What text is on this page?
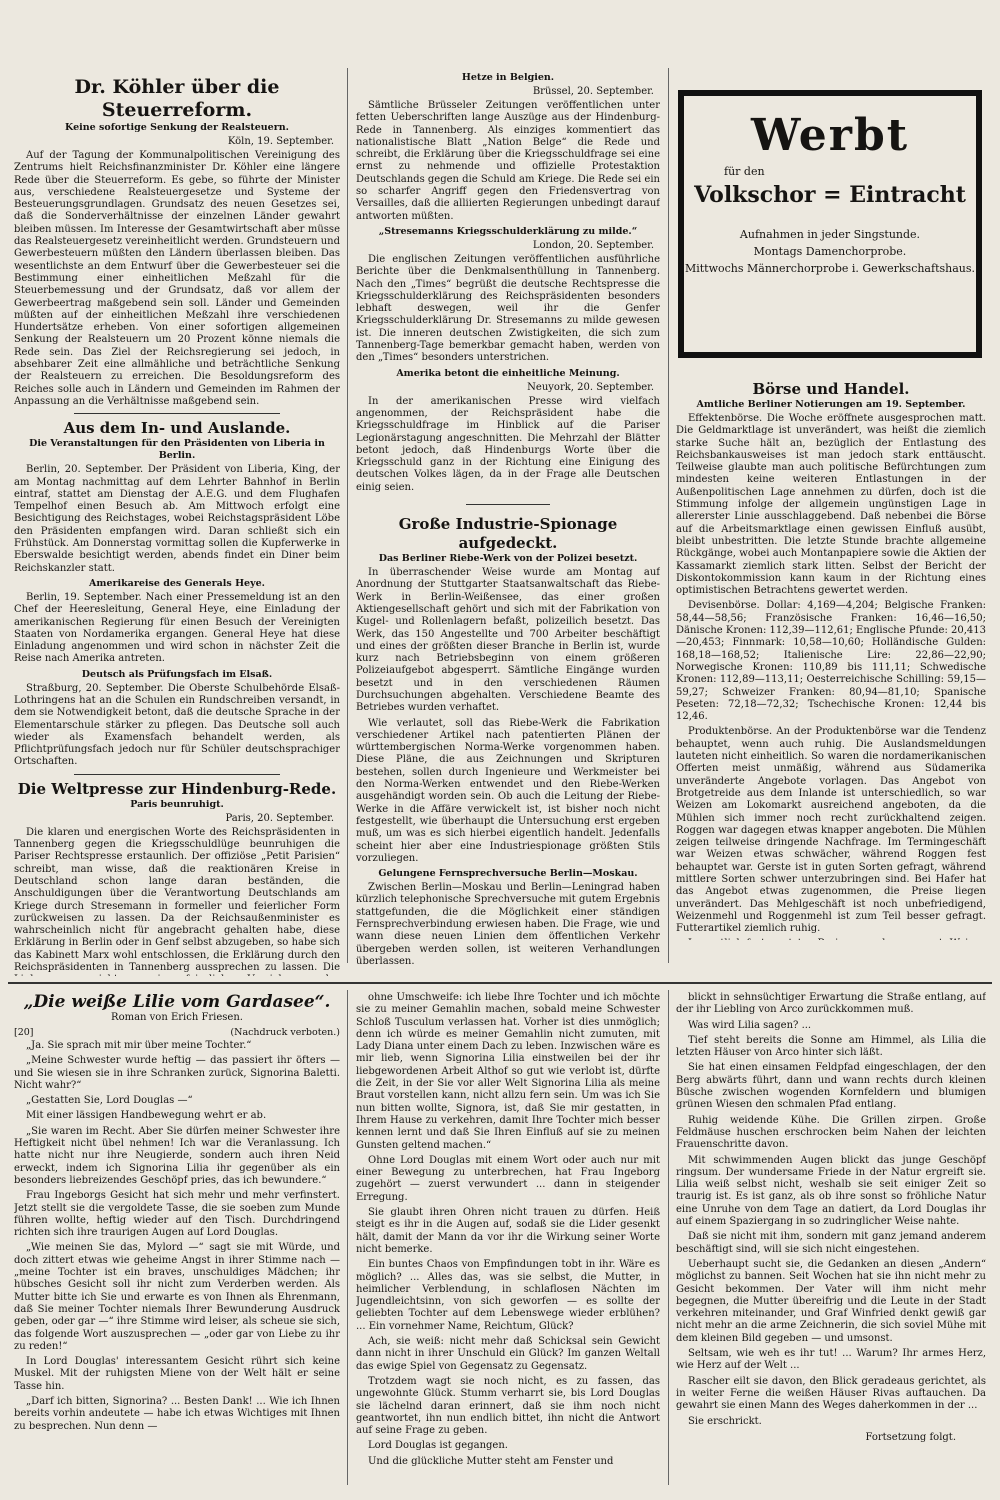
Dr. Köhler über die Steuerreform.
Keine sofortige Senkung der Realsteuern.
Köln, 19. September.

Auf der Tagung der Kommunalpolitischen Vereinigung des Zentrums hielt Reichsfinanzminister Dr. Köhler eine längere Rede über die Steuerreform. Es gebe, so führte der Minister aus, verschiedene Realsteuergesetze und Systeme der Besteuerungsgrundlagen. Grundsatz des neuen Gesetzes sei, daß die Sonderverhältnisse der einzelnen Länder gewahrt bleiben müssen. Im Interesse der Gesamtwirtschaft aber müsse das Realsteuergesetz vereinheitlicht werden. Grundsteuern und Gewerbesteuern müßten den Ländern überlassen bleiben. Das wesentlichste an dem Entwurf über die Gewerbesteuer sei die Bestimmung einer einheitlichen Meßzahl für die Steuerbemessung und der Grundsatz, daß vor allem der Gewerbeertrag maßgebend sein soll. Länder und Gemeinden müßten auf der einheitlichen Meßzahl ihre verschiedenen Hundertsätze erheben. Von einer sofortigen allgemeinen Senkung der Realsteuern um 20 Prozent könne niemals die Rede sein. Das Ziel der Reichsregierung sei jedoch, in absehbarer Zeit eine allmähliche und beträchtliche Senkung der Realsteuern zu erreichen. Die Besoldungsreform des Reiches solle auch in Ländern und Gemeinden im Rahmen der Anpassung an die Verhältnisse maßgebend sein.

Aus dem In- und Auslande.
Die Veranstaltungen für den Präsidenten von Liberia in Berlin.

Berlin, 20. September. Der Präsident von Liberia, King, der am Montag nachmittag auf dem Lehrter Bahnhof in Berlin eintraf, stattet am Dienstag der A.E.G. und dem Flughafen Tempelhof einen Besuch ab. Am Mittwoch erfolgt eine Besichtigung des Reichstages, wobei Reichstagspräsident Löbe den Präsidenten empfangen wird. Daran schließt sich ein Frühstück. Am Donnerstag vormittag sollen die Kupferwerke in Eberswalde besichtigt werden, abends findet ein Diner beim Reichskanzler statt.

Amerikareise des Generals Heye.

Berlin, 19. September. Nach einer Pressemeldung ist an den Chef der Heeresleitung, General Heye, eine Einladung der amerikanischen Regierung für einen Besuch der Vereinigten Staaten von Nordamerika ergangen. General Heye hat diese Einladung angenommen und wird schon in nächster Zeit die Reise nach Amerika antreten.

Deutsch als Prüfungsfach im Elsaß.

Straßburg, 20. September. Die Oberste Schulbehörde Elsaß-Lothringens hat an die Schulen ein Rundschreiben versandt, in dem sie Notwendigkeit betont, daß die deutsche Sprache in der Elementarschule stärker zu pflegen. Das Deutsche soll auch wieder als Examensfach behandelt werden, als Pflichtprüfungsfach jedoch nur für Schüler deutschsprachiger Ortschaften.

Die Weltpresse zur Hindenburg-Rede.
Paris beunruhigt.
Paris, 20. September.

Die klaren und energischen Worte des Reichspräsidenten in Tannenberg gegen die Kriegsschuldlüge beunruhigen die Pariser Rechtspresse erstaunlich. Der offiziöse „Petit Parisien“ schreibt, man wisse, daß die reaktionären Kreise in Deutschland schon lange daran beständen, die Anschuldigungen über die Verantwortung Deutschlands am Kriege durch Stresemann in formeller und feierlicher Form zurückweisen zu lassen. Da der Reichsaußenminister es wahrscheinlich nicht für angebracht gehalten habe, diese Erklärung in Berlin oder in Genf selbst abzugeben, so habe sich das Kabinett Marx wohl entschlossen, die Erklärung durch den Reichspräsidenten in Tannenberg aussprechen zu lassen. Die

Hetze in Belgien.
Brüssel, 20. September.

Sämtliche Brüsseler Zeitungen veröffentlichen unter fetten Ueberschriften lange Auszüge aus der Hindenburg-Rede in Tannenberg. Als einziges kommentiert das nationalistische Blatt „Nation Belge“ die Rede und schreibt, die Erklärung über die Kriegsschuldfrage sei eine ernst zu nehmende und offizielle Protestaktion Deutschlands gegen die Schuld am Kriege. Die Rede sei ein so scharfer Angriff gegen den Friedensvertrag von Versailles, daß die alliierten Regierungen unbedingt darauf antworten müßten.

„Stresemanns Kriegsschulderklärung zu milde.“
London, 20. September.

Die englischen Zeitungen veröffentlichen ausführliche Berichte über die Denkmalsenthüllung in Tannenberg. Nach den „Times“ begrüßt die deutsche Rechtspresse die Kriegsschulderklärung des Reichspräsidenten besonders lebhaft deswegen, weil ihr die Genfer Kriegsschulderklärung Dr. Stresemanns zu milde gewesen ist. Die inneren deutschen Zwistigkeiten, die sich zum Tannenberg-Tage bemerkbar gemacht haben, werden von den „Times“ besonders unterstrichen.

Amerika betont die einheitliche Meinung.
Neuyork, 20. September.

In der amerikanischen Presse wird vielfach angenommen, der Reichspräsident habe die Kriegsschuldfrage im Hinblick auf die Pariser Legionärstagung angeschnitten. Die Mehrzahl der Blätter betont jedoch, daß Hindenburgs Worte über die Kriegsschuld ganz in der Richtung eine Einigung des deutschen Volkes lägen, da in der Frage alle Deutschen einig seien.

Große Industrie-Spionage aufgedeckt.
Das Berliner Riebe-Werk von der Polizei besetzt.

In überraschender Weise wurde am Montag auf Anordnung der Stuttgarter Staatsanwaltschaft das Riebe-Werk in Berlin-Weißensee, das einer großen Aktiengesellschaft gehört und sich mit der Fabrikation von Kugel- und Rollenlagern befaßt, polizeilich besetzt. Das Werk, das 150 Angestellte und 700 Arbeiter beschäftigt und eines der größten dieser Branche in Berlin ist, wurde kurz nach Betriebsbeginn von einem größeren Polizeiaufgebot abgesperrt. Sämtliche Eingänge wurden besetzt und in den verschiedenen Räumen Durchsuchungen abgehalten. Verschiedene Beamte des Betriebes wurden verhaftet.

Wie verlautet, soll das Riebe-Werk die Fabrikation verschiedener Artikel nach patentierten Plänen der württembergischen Norma-Werke vorgenommen haben. Diese Pläne, die aus Zeichnungen und Skripturen bestehen, sollen durch Ingenieure und Werkmeister bei den Norma-Werken entwendet und den Riebe-Werken ausgehändigt worden sein. Ob auch die Leitung der Riebe-Werke in die Affäre verwickelt ist, ist bisher noch nicht festgestellt, wie überhaupt die Untersuchung erst ergeben muß, um was es sich hierbei eigentlich handelt. Jedenfalls scheint hier aber eine Industriespionage größten Stils vorzuliegen.

Gelungene Fernsprechversuche Berlin—Moskau.

Zwischen Berlin—Moskau und Berlin—Leningrad haben kürzlich telephonische Sprechversuche mit gutem Ergebnis stattgefunden, die die Möglichkeit einer ständigen Fernsprechverbindung erwiesen haben. Die Frage, wie und wann diese neuen Linien dem öffentlichen Verkehr übergeben werden sollen, ist weiteren Verhandlungen überlassen.

Werbt
für den
Volkschor = Eintracht
Aufnahmen in jeder Singstunde.
Montags Damenchorprobe.
Mittwochs Männerchorprobe i. Gewerkschaftshaus.
Börse und Handel.
Amtliche Berliner Notierungen am 19. September.

Effektenbörse. Die Woche eröffnete ausgesprochen matt. Die Geldmarktlage ist unverändert, was heißt die ziemlich starke Suche hält an, bezüglich der Entlastung des Reichsbankausweises ist man jedoch stark enttäuscht. Teilweise glaubte man auch politische Befürchtungen zum mindesten keine weiteren Entlastungen in der Außenpolitischen Lage annehmen zu dürfen, doch ist die Stimmung infolge der allgemein ungünstigen Lage in allererster Linie ausschlaggebend. Daß nebenbei die Börse auf die Arbeitsmarktlage einen gewissen Einfluß ausübt, bleibt unbestritten. Die letzte Stunde brachte allgemeine Rückgänge, wobei auch Montanpapiere sowie die Aktien der Kassamarkt ziemlich stark litten. Selbst der Bericht der Diskontokommission kann kaum in der Richtung eines optimistischen Betrachtens gewertet werden.

Devisenbörse. Dollar: 4,169—4,204; Belgische Franken: 58,44—58,56; Französische Franken: 16,46—16,50; Dänische Kronen: 112,39—112,61; Englische Pfunde: 20,413—20,453; Finnmark: 10,58—10,60; Holländische Gulden: 168,18—168,52; Italienische Lire: 22,86—22,90; Norwegische Kronen: 110,89 bis 111,11; Schwedische Kronen: 112,89—113,11; Oesterreichische Schilling: 59,15—59,27; Schweizer Franken: 80,94—81,10; Spanische Peseten: 72,18—72,32; Tschechische Kronen: 12,44 bis 12,46.

Produktenbörse. An der Produktenbörse war die Tendenz behauptet, wenn auch ruhig. Die Auslandsmeldungen lauteten nicht einheitlich. So waren die nordamerikanischen Offerten meist unmäßig, während aus Südamerika unveränderte Angebote vorlagen. Das Angebot von Brotgetreide aus dem Inlande ist unterschiedlich, so war Weizen am Lokomarkt ausreichend angeboten, da die Mühlen sich immer noch recht zurückhaltend zeigen. Roggen war dagegen etwas knapper angeboten. Die Mühlen zeigen teilweise dringende Nachfrage. Im Termingeschäft war Weizen etwas schwächer, während Roggen fest behauptet war. Gerste ist in guten Sorten gefragt, während mittlere Sorten schwer unterzubringen sind. Bei Hafer hat das Angebot etwas zugenommen, die Preise liegen unverändert. Das Mehlgeschäft ist noch unbefriedigend, Weizenmehl und Roggenmehl ist zum Teil besser gefragt. Futterartikel ziemlich ruhig.

„Die weiße Lilie vom Gardasee“.
Roman von Erich Friesen.
[20]	(Nachdruck verboten.)

„Ja. Sie sprach mit mir über meine Tochter.“

„Meine Schwester wurde heftig — das passiert ihr öfters — und Sie wiesen sie in ihre Schranken zurück, Signorina Baletti. Nicht wahr?“

„Gestatten Sie, Lord Douglas —“

Mit einer lässigen Handbewegung wehrt er ab.

„Sie waren im Recht. Aber Sie dürfen meiner Schwester ihre Heftigkeit nicht übel nehmen! Ich war die Veranlassung. Ich hatte nicht nur ihre Neugierde, sondern auch ihren Neid erweckt, indem ich Signorina Lilia ihr gegenüber als ein besonders liebreizendes Geschöpf pries, das ich bewundere.“

Frau Ingeborgs Gesicht hat sich mehr und mehr verfinstert. Jetzt stellt sie die vergoldete Tasse, die sie soeben zum Munde führen wollte, heftig wieder auf den Tisch. Durchdringend richten sich ihre traurigen Augen auf Lord Douglas.

„Wie meinen Sie das, Mylord —“ sagt sie mit Würde, und doch zittert etwas wie geheime Angst in ihrer Stimme nach — „meine Tochter ist ein braves, unschuldiges Mädchen; ihr hübsches Gesicht soll ihr nicht zum Verderben werden. Als Mutter bitte ich Sie und erwarte es von Ihnen als Ehrenmann, daß Sie meiner Tochter niemals Ihrer Bewunderung Ausdruck geben, oder gar —“ ihre Stimme wird leiser, als scheue sie sich, das folgende Wort auszusprechen — „oder gar von Liebe zu ihr zu reden!“

In Lord Douglas' interessantem Gesicht rührt sich keine Muskel. Mit der ruhigsten Miene von der Welt hält er seine Tasse hin.

„Darf ich bitten, Signorina? ... Besten Dank! ... Wie ich Ihnen bereits vorhin andeutete — habe ich etwas Wichtiges mit Ihnen zu besprechen. Nun denn —

ohne Umschweife: ich liebe Ihre Tochter und ich möchte sie zu meiner Gemahlin machen, sobald meine Schwester Schloß Tusculum verlassen hat. Vorher ist dies unmöglich; denn ich würde es meiner Gemahlin nicht zumuten, mit Lady Diana unter einem Dach zu leben. Inzwischen wäre es mir lieb, wenn Signorina Lilia einstweilen bei der ihr liebgewordenen Arbeit Althof so gut wie verlobt ist, dürfte die Zeit, in der Sie vor aller Welt Signorina Lilia als meine Braut vorstellen kann, nicht allzu fern sein. Um was ich Sie nun bitten wollte, Signora, ist, daß Sie mir gestatten, in Ihrem Hause zu verkehren, damit Ihre Tochter mich besser kennen lernt und daß Sie Ihren Einfluß auf sie zu meinen Gunsten geltend machen.“

Ohne Lord Douglas mit einem Wort oder auch nur mit einer Bewegung zu unterbrechen, hat Frau Ingeborg zugehört — zuerst verwundert ... dann in steigender Erregung.

Sie glaubt ihren Ohren nicht trauen zu dürfen. Heiß steigt es ihr in die Augen auf, sodaß sie die Lider gesenkt hält, damit der Mann da vor ihr die Wirkung seiner Worte nicht bemerke.

Ein buntes Chaos von Empfindungen tobt in ihr. Wäre es möglich? ... Alles das, was sie selbst, die Mutter, in heimlicher Verblendung, in schlaflosen Nächten im Jugendleichtsinn, von sich geworfen — es sollte der geliebten Tochter auf dem Lebenswege wieder erblühen? ... Ein vornehmer Name, Reichtum, Glück?

Ach, sie weiß: nicht mehr daß Schicksal sein Gewicht dann nicht in ihrer Unschuld ein Glück? Im ganzen Weltall das ewige Spiel von Gegensatz zu Gegensatz.

Trotzdem wagt sie noch nicht, es zu fassen, das ungewohnte Glück. Stumm verharrt sie, bis Lord Douglas sie lächelnd daran erinnert, daß sie ihm noch nicht geantwortet, ihn nun endlich bittet, ihn nicht die Antwort auf seine Frage zu geben.

Lord Douglas ist gegangen.

Und die glückliche Mutter steht am Fenster und

blickt in sehnsüchtiger Erwartung die Straße entlang, auf der ihr Liebling von Arco zurückkommen muß.

Was wird Lilia sagen? ...

Tief steht bereits die Sonne am Himmel, als Lilia die letzten Häuser von Arco hinter sich läßt.

Sie hat einen einsamen Feldpfad eingeschlagen, der den Berg abwärts führt, dann und wann rechts durch kleinen Büsche zwischen wogenden Kornfeldern und blumigen grünen Wiesen den schmalen Pfad entlang.

Ruhig weidende Kühe. Die Grillen zirpen. Große Feldmäuse huschen erschrocken beim Nahen der leichten Frauenschritte davon.

Mit schwimmenden Augen blickt das junge Geschöpf ringsum. Der wundersame Friede in der Natur ergreift sie. Lilia weiß selbst nicht, weshalb sie seit einiger Zeit so traurig ist. Es ist ganz, als ob ihre sonst so fröhliche Natur eine Unruhe von dem Tage an datiert, da Lord Douglas ihr auf einem Spaziergang in so zudringlicher Weise nahte.

Daß sie nicht mit ihm, sondern mit ganz jemand anderem beschäftigt sind, will sie sich nicht eingestehen.

Ueberhaupt sucht sie, die Gedanken an diesen „Andern“ möglichst zu bannen. Seit Wochen hat sie ihn nicht mehr zu Gesicht bekommen. Der Vater will ihm nicht mehr begegnen, die Mutter übereifrig und die Leute in der Stadt verkehren miteinander, und Graf Winfried denkt gewiß gar nicht mehr an die arme Zeichnerin, die sich soviel Mühe mit dem kleinen Bild gegeben — und umsonst.

Seltsam, wie weh es ihr tut! ... Warum? Ihr armes Herz, wie Herz auf der Welt ...

Rascher eilt sie davon, den Blick geradeaus gerichtet, als in weiter Ferne die weißen Häuser Rivas auftauchen. Da gewahrt sie einen Mann des Weges daherkommen in der ...

Sie erschrickt.

Fortsetzung folgt.
